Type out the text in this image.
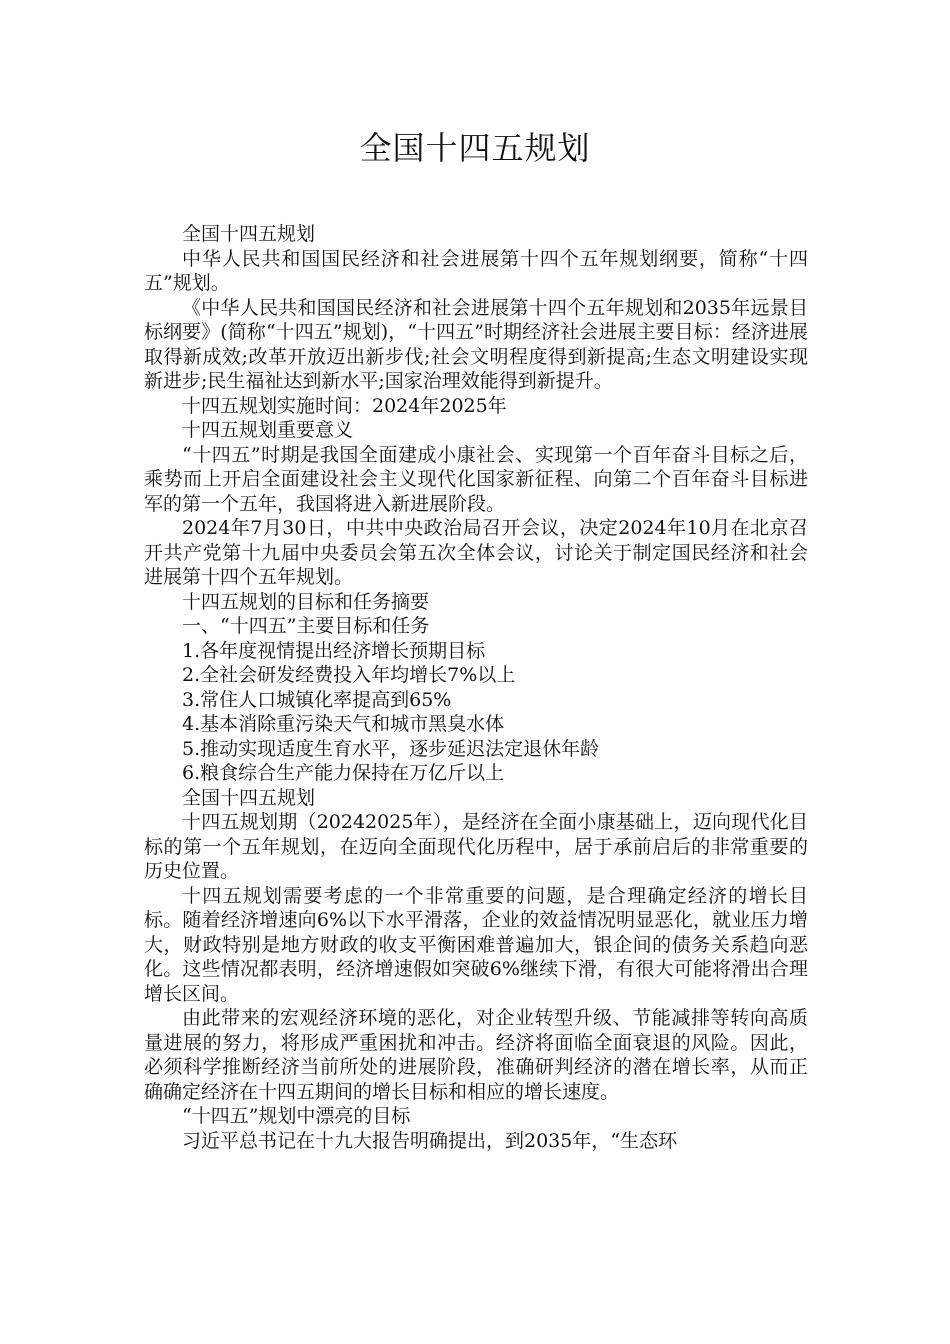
全国十四五规划

全国十四五规划

中华人民共和国国民经济和社会进展第十四个五年规划纲要，简称“十四五”规划。

《中华人民共和国国民经济和社会进展第十四个五年规划和2035年远景目标纲要》(简称“十四五”规划)，“十四五”时期经济社会进展主要目标：经济进展取得新成效;改革开放迈出新步伐;社会文明程度得到新提高;生态文明建设实现新进步;民生福祉达到新水平;国家治理效能得到新提升。

十四五规划实施时间：2024年2025年

十四五规划重要意义

“十四五”时期是我国全面建成小康社会、实现第一个百年奋斗目标之后，乘势而上开启全面建设社会主义现代化国家新征程、向第二个百年奋斗目标进军的第一个五年，我国将进入新进展阶段。

2024年7月30日，中共中央政治局召开会议，决定2024年10月在北京召开共产党第十九届中央委员会第五次全体会议，讨论关于制定国民经济和社会进展第十四个五年规划。

十四五规划的目标和任务摘要

一、“十四五”主要目标和任务

1.各年度视情提出经济增长预期目标

2.全社会研发经费投入年均增长7%以上

3.常住人口城镇化率提高到65%

4.基本消除重污染天气和城市黑臭水体

5.推动实现适度生育水平，逐步延迟法定退休年龄

6.粮食综合生产能力保持在万亿斤以上

全国十四五规划

十四五规划期（20242025年），是经济在全面小康基础上，迈向现代化目标的第一个五年规划，在迈向全面现代化历程中，居于承前启后的非常重要的历史位置。

十四五规划需要考虑的一个非常重要的问题，是合理确定经济的增长目标。随着经济增速向6%以下水平滑落，企业的效益情况明显恶化，就业压力增大，财政特别是地方财政的收支平衡困难普遍加大，银企间的债务关系趋向恶化。这些情况都表明，经济增速假如突破6%继续下滑，有很大可能将滑出合理增长区间。

由此带来的宏观经济环境的恶化，对企业转型升级、节能减排等转向高质量进展的努力，将形成严重困扰和冲击。经济将面临全面衰退的风险。因此，必须科学推断经济当前所处的进展阶段，准确研判经济的潜在增长率，从而正确确定经济在十四五期间的增长目标和相应的增长速度。

“十四五”规划中漂亮的目标

习近平总书记在十九大报告明确提出，到2035年，“生态环
